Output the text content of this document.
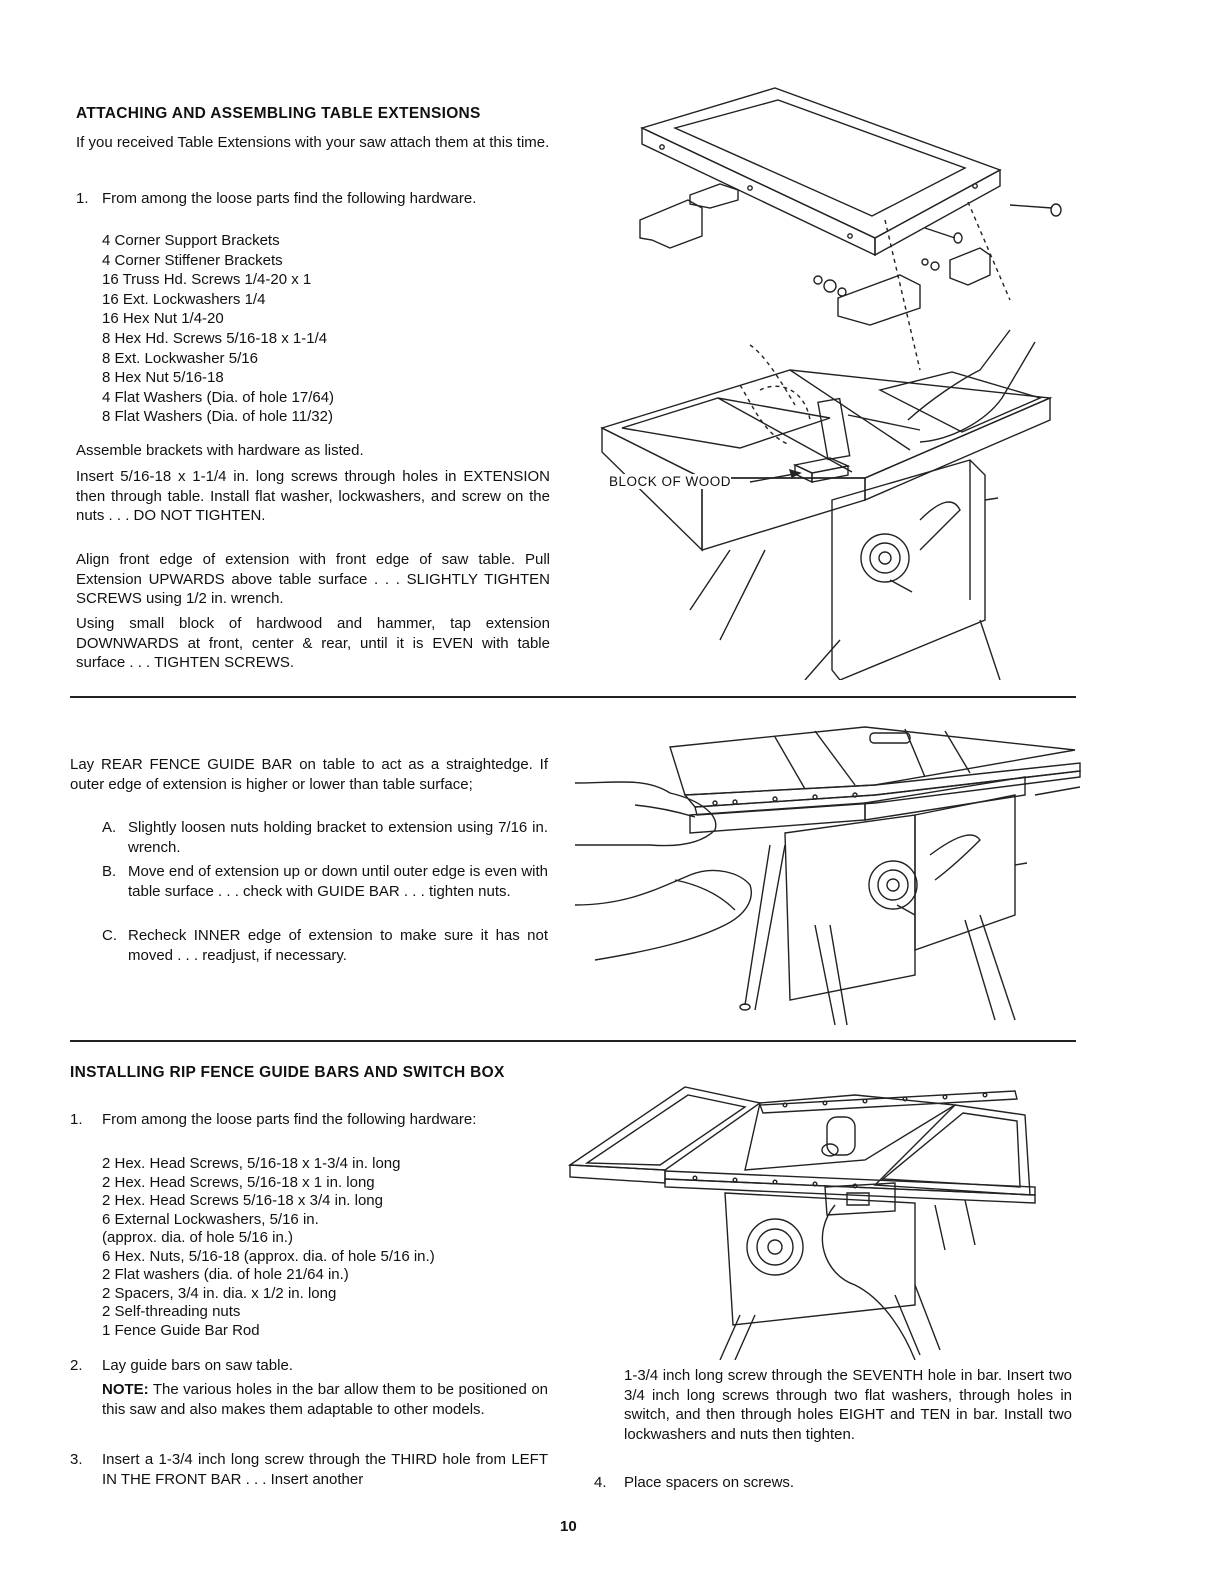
ATTACHING AND ASSEMBLING TABLE EXTENSIONS
If you received Table Extensions with your saw attach them at this time.
1. From among the loose parts find the following hardware.
4 Corner Support Brackets
4 Corner Stiffener Brackets
16 Truss Hd. Screws 1/4-20 x 1
16 Ext. Lockwashers 1/4
16 Hex Nut 1/4-20
8 Hex Hd. Screws 5/16-18 x 1-1/4
8 Ext. Lockwasher 5/16
8 Hex Nut 5/16-18
4 Flat Washers (Dia. of hole 17/64)
8 Flat Washers (Dia. of hole 11/32)
Assemble brackets with hardware as listed.
Insert 5/16-18 x 1-1/4 in. long screws through holes in EXTENSION then through table. Install flat washer, lockwashers, and screw on the nuts . . . DO NOT TIGHTEN.
Align front edge of extension with front edge of saw table. Pull Extension UPWARDS above table surface . . . SLIGHTLY TIGHTEN SCREWS using 1/2 in. wrench.
Using small block of hardwood and hammer, tap extension DOWNWARDS at front, center & rear, until it is EVEN with table surface . . . TIGHTEN SCREWS.
BLOCK OF WOOD
Lay REAR FENCE GUIDE BAR on table to act as a straightedge. If outer edge of extension is higher or lower than table surface;
A. Slightly loosen nuts holding bracket to extension using 7/16 in. wrench.
B. Move end of extension up or down until outer edge is even with table surface . . . check with GUIDE BAR . . . tighten nuts.
C. Recheck INNER edge of extension to make sure it has not moved . . . readjust, if necessary.
INSTALLING RIP FENCE GUIDE BARS AND SWITCH BOX
1.	From among the loose parts find the following hardware:
2 Hex. Head Screws, 5/16-18 x 1-3/4 in. long
2 Hex. Head Screws, 5/16-18 x 1 in. long
2 Hex. Head Screws 5/16-18 x 3/4 in. long
6 External Lockwashers, 5/16 in.
(approx. dia. of hole 5/16 in.)
6 Hex. Nuts, 5/16-18 (approx. dia. of hole 5/16 in.)
2 Flat washers (dia. of hole 21/64 in.)
2 Spacers, 3/4 in. dia. x 1/2 in. long
2 Self-threading nuts
1 Fence Guide Bar Rod
2.	Lay guide bars on saw table.
NOTE: The various holes in the bar allow them to be positioned on this saw and also makes them adaptable to other models.
3.	Insert a 1-3/4 inch long screw through the THIRD hole from LEFT IN THE FRONT BAR . . . Insert another
1-3/4 inch long screw through the SEVENTH hole in bar. Insert two 3/4 inch long screws through two flat washers, through holes in switch, and then through holes EIGHT and TEN in bar. Install two lockwashers and nuts then tighten.
4.	Place spacers on screws.
10
